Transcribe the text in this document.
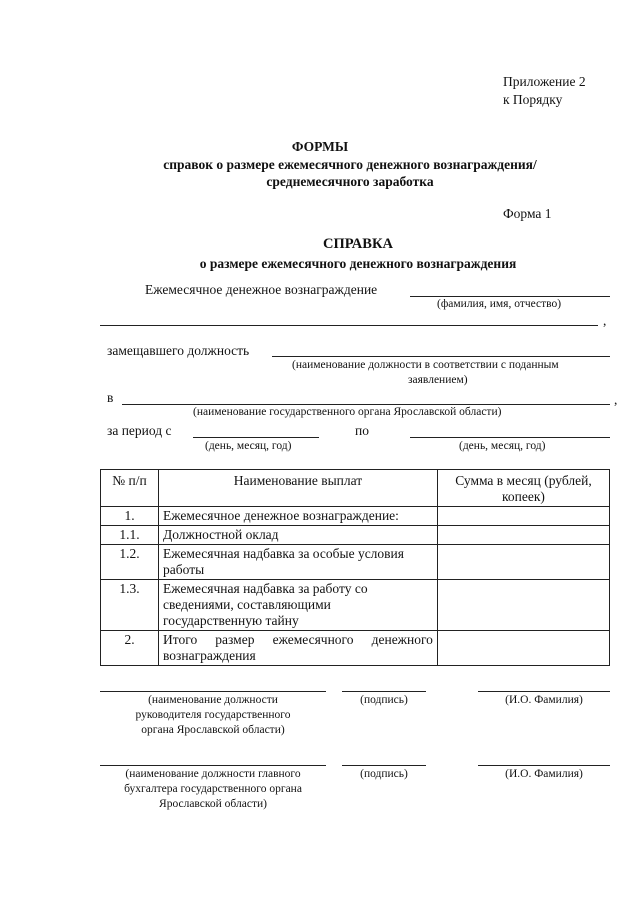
Приложение 2
к Порядку
ФОРМЫ
справок о размере ежемесячного денежного вознаграждения/
среднемесячного заработка
Форма 1
СПРАВКА
о размере ежемесячного денежного вознаграждения
Ежемесячное денежное вознаграждение
(фамилия, имя, отчество)
,
замещавшего должность
(наименование должности в соответствии с поданным
заявлением)
в	,
(наименование государственного органа Ярославской области)
за период с	по
(день, месяц, год)	(день, месяц, год)
№ п/п	Наименование выплат	Сумма в месяц (рублей, копеек)
1.	Ежемесячное денежное вознаграждение:	
1.1.	Должностной оклад	
1.2.	Ежемесячная надбавка за особые условия работы	
1.3.	Ежемесячная надбавка за работу со сведениями, составляющими государственную тайну	
2.	Итого размер ежемесячного денежного вознаграждения	
(наименование должности
руководителя государственного
органа Ярославской области)
(подпись)	(И.О. Фамилия)
(наименование должности главного
бухгалтера государственного органа
Ярославской области)
(подпись)	(И.О. Фамилия)
